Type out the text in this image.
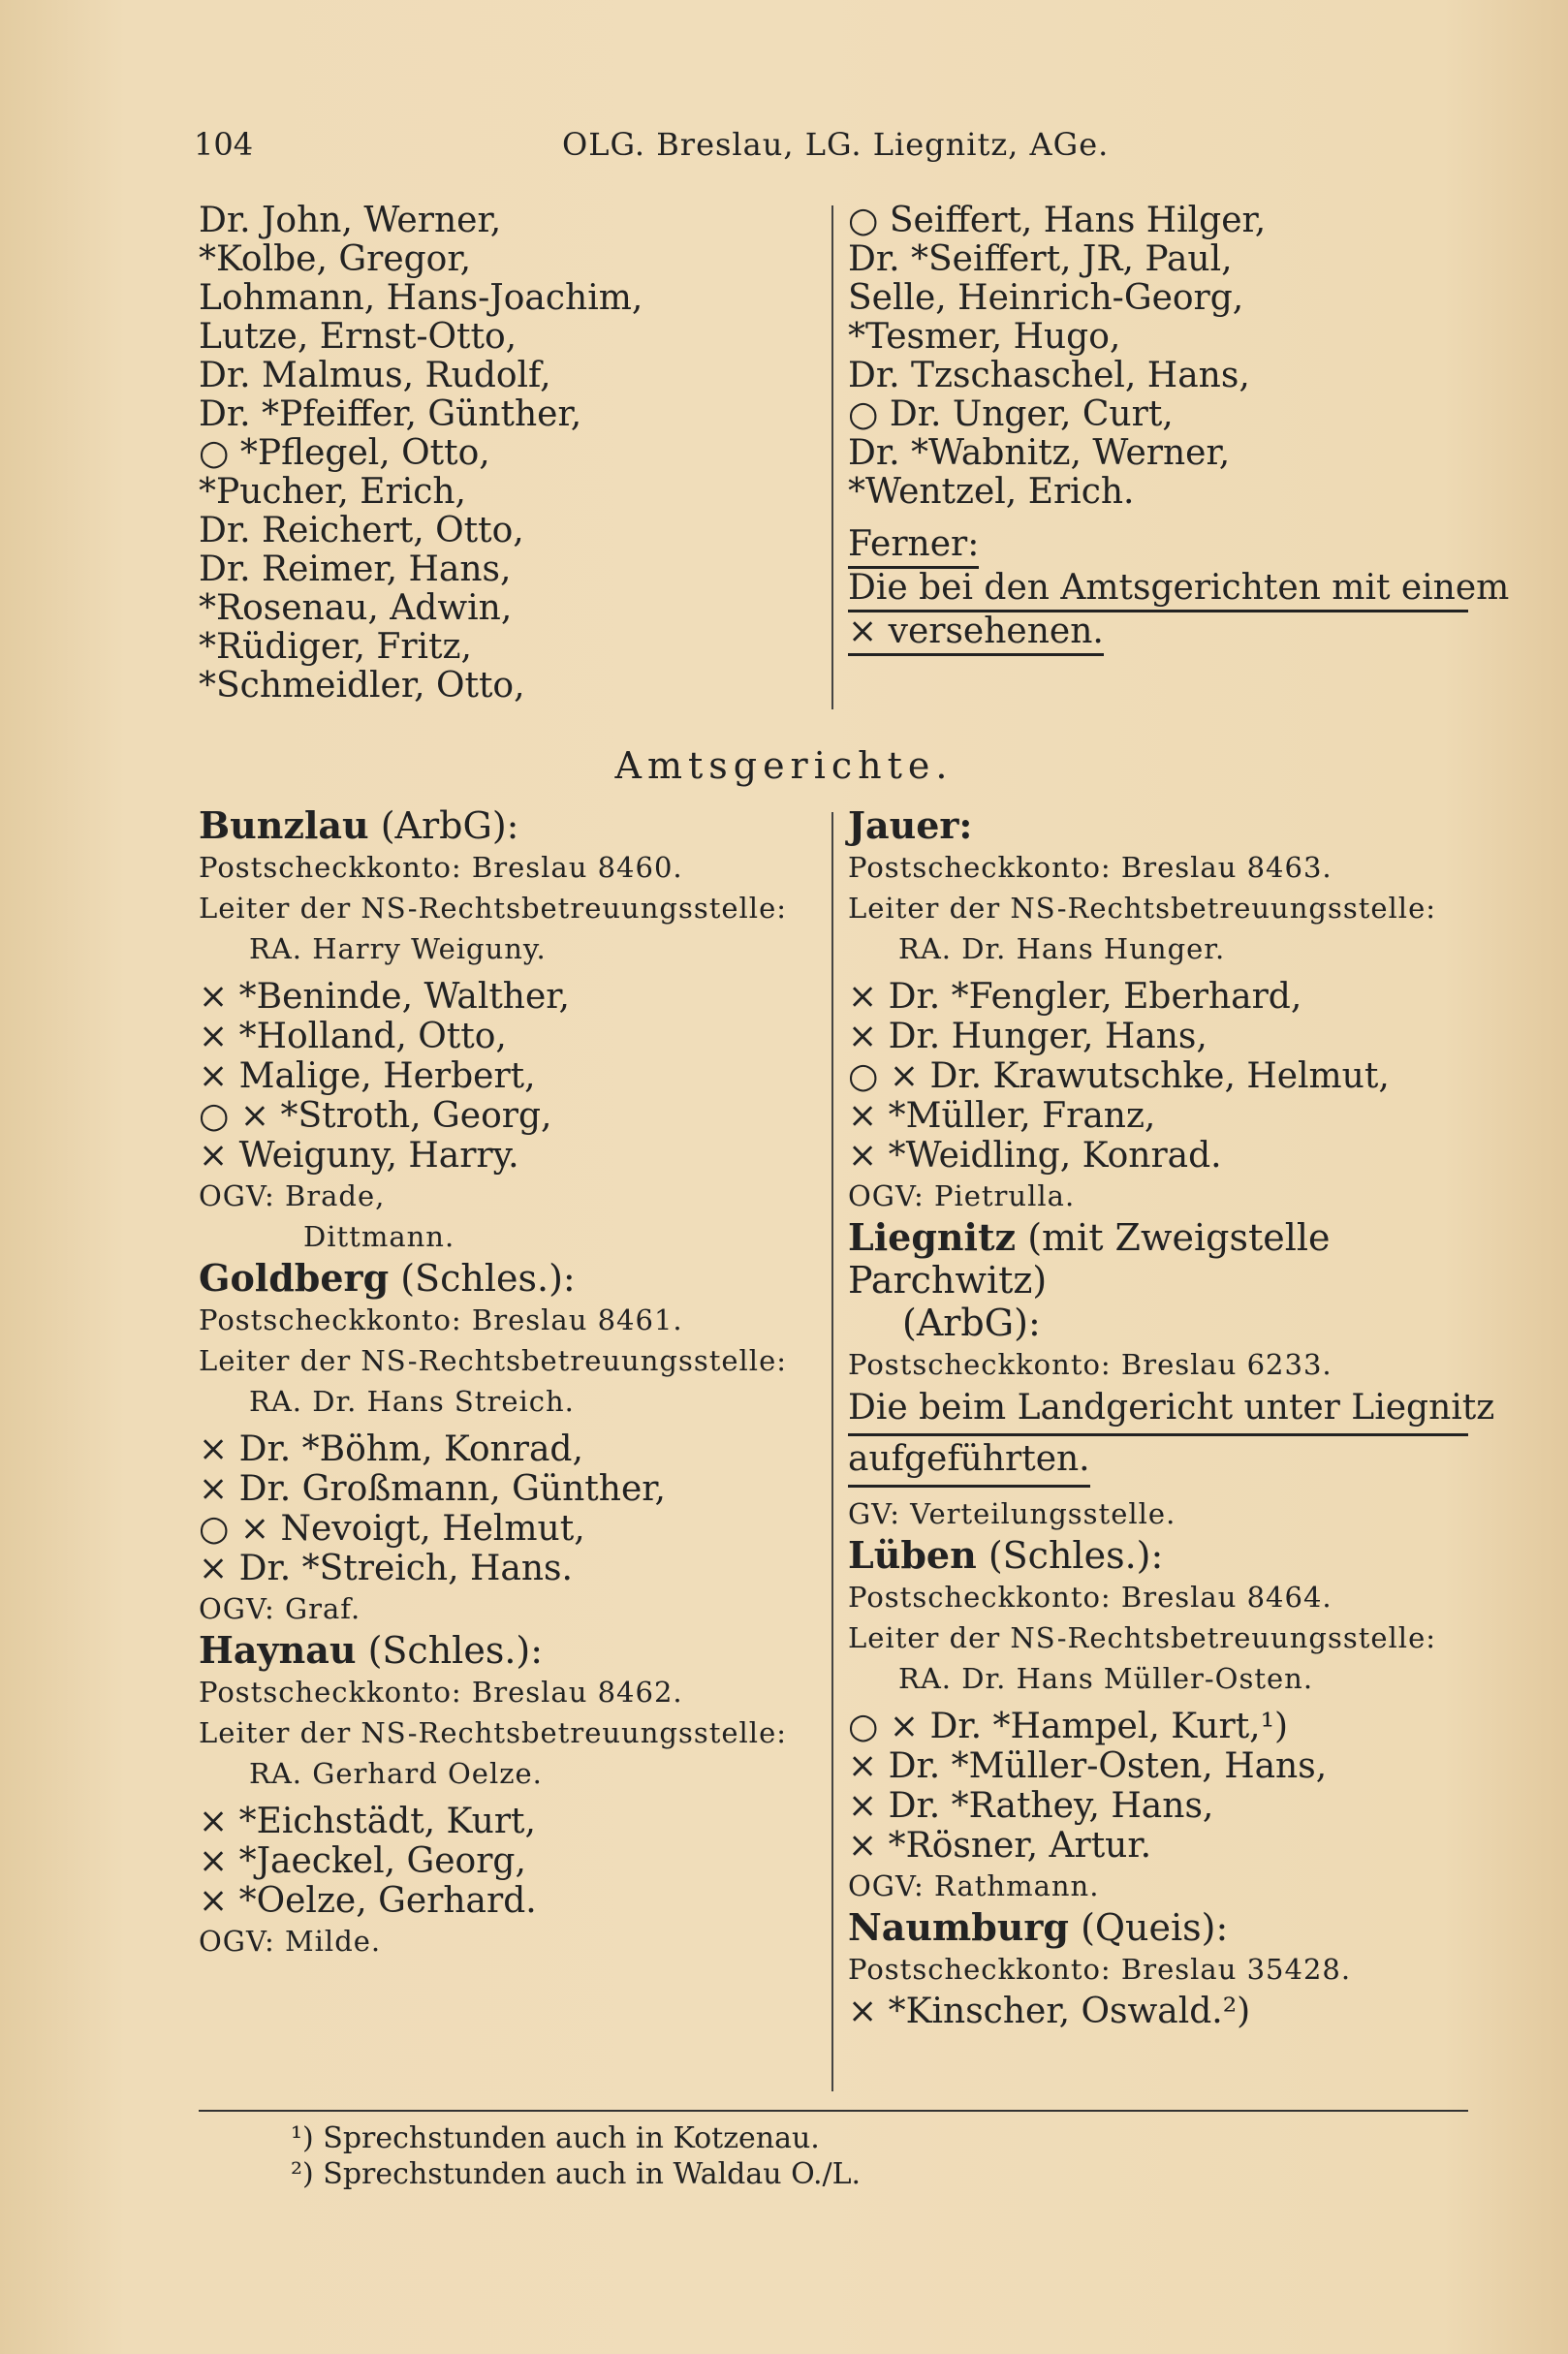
104	OLG. Breslau, LG. Liegnitz, AGe.
Dr. John, Werner,
*Kolbe, Gregor,
Lohmann, Hans-Joachim,
Lutze, Ernst-Otto,
Dr. Malmus, Rudolf,
Dr. *Pfeiffer, Günther,
○ *Pflegel, Otto,
*Pucher, Erich,
Dr. Reichert, Otto,
Dr. Reimer, Hans,
*Rosenau, Adwin,
*Rüdiger, Fritz,
*Schmeidler, Otto,
○ Seiffert, Hans Hilger,
Dr. *Seiffert, JR, Paul,
Selle, Heinrich-Georg,
*Tesmer, Hugo,
Dr. Tzschaschel, Hans,
○ Dr. Unger, Curt,
Dr. *Wabnitz, Werner,
*Wentzel, Erich.
Ferner:
Die bei den Amtsgerichten mit einem
× versehenen.
Amtsgerichte.
Bunzlau (ArbG):
Postscheckkonto: Breslau 8460.
Leiter der NS-Rechtsbetreuungsstelle:
RA. Harry Weiguny.
× *Beninde, Walther,
× *Holland, Otto,
× Malige, Herbert,
○ × *Stroth, Georg,
× Weiguny, Harry.
OGV: Brade,
Dittmann.
Goldberg (Schles.):
Postscheckkonto: Breslau 8461.
Leiter der NS-Rechtsbetreuungsstelle:
RA. Dr. Hans Streich.
× Dr. *Böhm, Konrad,
× Dr. Großmann, Günther,
○ × Nevoigt, Helmut,
× Dr. *Streich, Hans.
OGV: Graf.
Haynau (Schles.):
Postscheckkonto: Breslau 8462.
Leiter der NS-Rechtsbetreuungsstelle:
RA. Gerhard Oelze.
× *Eichstädt, Kurt,
× *Jaeckel, Georg,
× *Oelze, Gerhard.
OGV: Milde.
Jauer:
Postscheckkonto: Breslau 8463.
Leiter der NS-Rechtsbetreuungsstelle:
RA. Dr. Hans Hunger.
× Dr. *Fengler, Eberhard,
× Dr. Hunger, Hans,
○ × Dr. Krawutschke, Helmut,
× *Müller, Franz,
× *Weidling, Konrad.
OGV: Pietrulla.
Liegnitz (mit Zweigstelle Parchwitz)
(ArbG):
Postscheckkonto: Breslau 6233.
Die beim Landgericht unter Liegnitz
aufgeführten.
GV: Verteilungsstelle.
Lüben (Schles.):
Postscheckkonto: Breslau 8464.
Leiter der NS-Rechtsbetreuungsstelle:
RA. Dr. Hans Müller-Osten.
○ × Dr. *Hampel, Kurt,¹)
× Dr. *Müller-Osten, Hans,
× Dr. *Rathey, Hans,
× *Rösner, Artur.
OGV: Rathmann.
Naumburg (Queis):
Postscheckkonto: Breslau 35428.
× *Kinscher, Oswald.²)
¹) Sprechstunden auch in Kotzenau.
²) Sprechstunden auch in Waldau O./L.
